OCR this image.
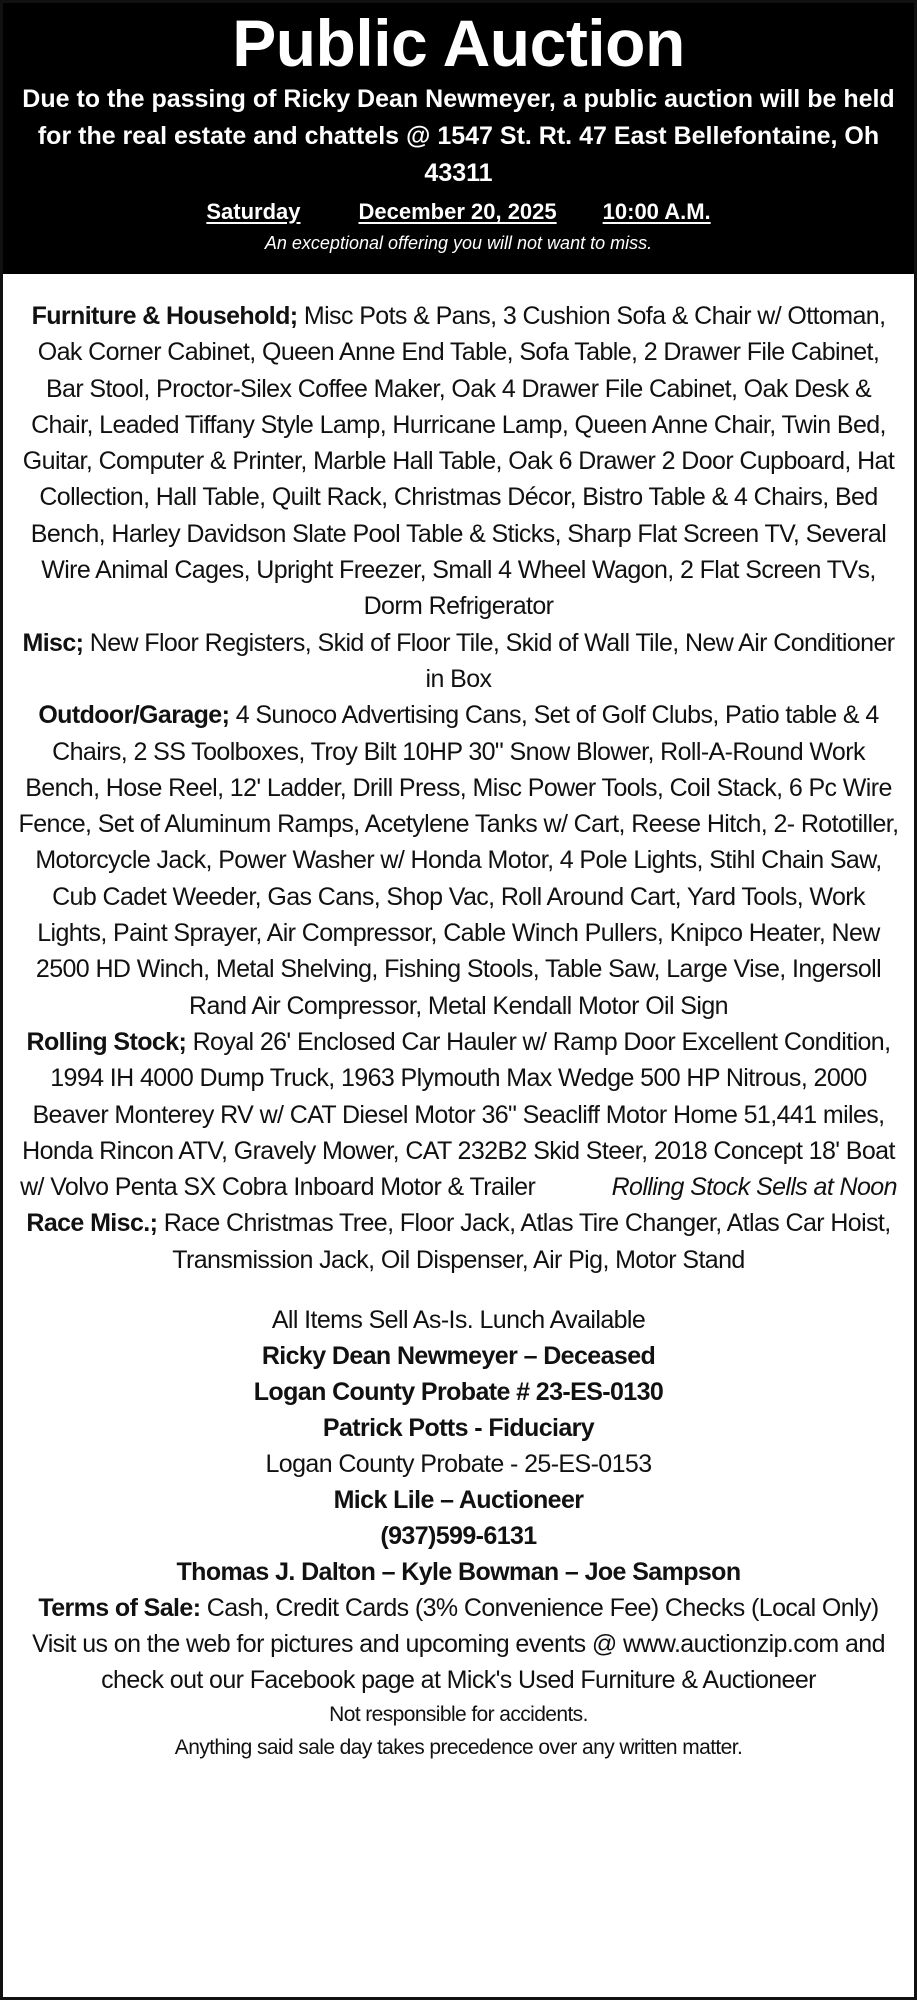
Public Auction
Due to the passing of Ricky Dean Newmeyer, a public auction will be held for the real estate and chattels @ 1547 St. Rt. 47 East Bellefontaine, Oh 43311
Saturday	December 20, 2025 10:00 A.M.
An exceptional offering you will not want to miss.
Furniture & Household; Misc Pots & Pans, 3 Cushion Sofa & Chair w/ Ottoman, Oak Corner Cabinet, Queen Anne End Table, Sofa Table, 2 Drawer File Cabinet, Bar Stool, Proctor-Silex Coffee Maker, Oak 4 Drawer File Cabinet, Oak Desk & Chair, Leaded Tiffany Style Lamp, Hurricane Lamp, Queen Anne Chair, Twin Bed, Guitar, Computer & Printer, Marble Hall Table, Oak 6 Drawer 2 Door Cupboard, Hat Collection, Hall Table, Quilt Rack, Christmas Décor, Bistro Table & 4 Chairs, Bed Bench, Harley Davidson Slate Pool Table & Sticks, Sharp Flat Screen TV, Several Wire Animal Cages, Upright Freezer, Small 4 Wheel Wagon, 2 Flat Screen TVs, Dorm Refrigerator
Misc; New Floor Registers, Skid of Floor Tile, Skid of Wall Tile, New Air Conditioner in Box
Outdoor/Garage; 4 Sunoco Advertising Cans, Set of Golf Clubs, Patio table & 4 Chairs, 2 SS Toolboxes, Troy Bilt 10HP 30" Snow Blower, Roll-A-Round Work Bench, Hose Reel, 12' Ladder, Drill Press, Misc Power Tools, Coil Stack, 6 Pc Wire Fence, Set of Aluminum Ramps, Acetylene Tanks w/ Cart, Reese Hitch, 2- Rototiller, Motorcycle Jack, Power Washer w/ Honda Motor, 4 Pole Lights, Stihl Chain Saw, Cub Cadet Weeder, Gas Cans, Shop Vac, Roll Around Cart, Yard Tools, Work Lights, Paint Sprayer, Air Compressor, Cable Winch Pullers, Knipco Heater, New 2500 HD Winch, Metal Shelving, Fishing Stools, Table Saw, Large Vise, Ingersoll Rand Air Compressor, Metal Kendall Motor Oil Sign
Rolling Stock; Royal 26' Enclosed Car Hauler w/ Ramp Door Excellent Condition, 1994 IH 4000 Dump Truck, 1963 Plymouth Max Wedge 500 HP Nitrous, 2000 Beaver Monterey RV w/ CAT Diesel Motor 36" Seacliff Motor Home 51,441 miles, Honda Rincon ATV, Gravely Mower, CAT 232B2 Skid Steer, 2018 Concept 18' Boat w/ Volvo Penta SX Cobra Inboard Motor & Trailer	Rolling Stock Sells at Noon
Race Misc.; Race Christmas Tree, Floor Jack, Atlas Tire Changer, Atlas Car Hoist, Transmission Jack, Oil Dispenser, Air Pig, Motor Stand

All Items Sell As-Is. Lunch Available

Ricky Dean Newmeyer – Deceased

Logan County Probate # 23-ES-0130

Patrick Potts - Fiduciary

Logan County Probate - 25-ES-0153

Mick Lile – Auctioneer

(937)599-6131

Thomas J. Dalton – Kyle Bowman – Joe Sampson

Terms of Sale: Cash, Credit Cards (3% Convenience Fee) Checks (Local Only)

Visit us on the web for pictures and upcoming events @ www.auctionzip.com and check out our Facebook page at Mick's Used Furniture & Auctioneer

Not responsible for accidents.

Anything said sale day takes precedence over any written matter.
